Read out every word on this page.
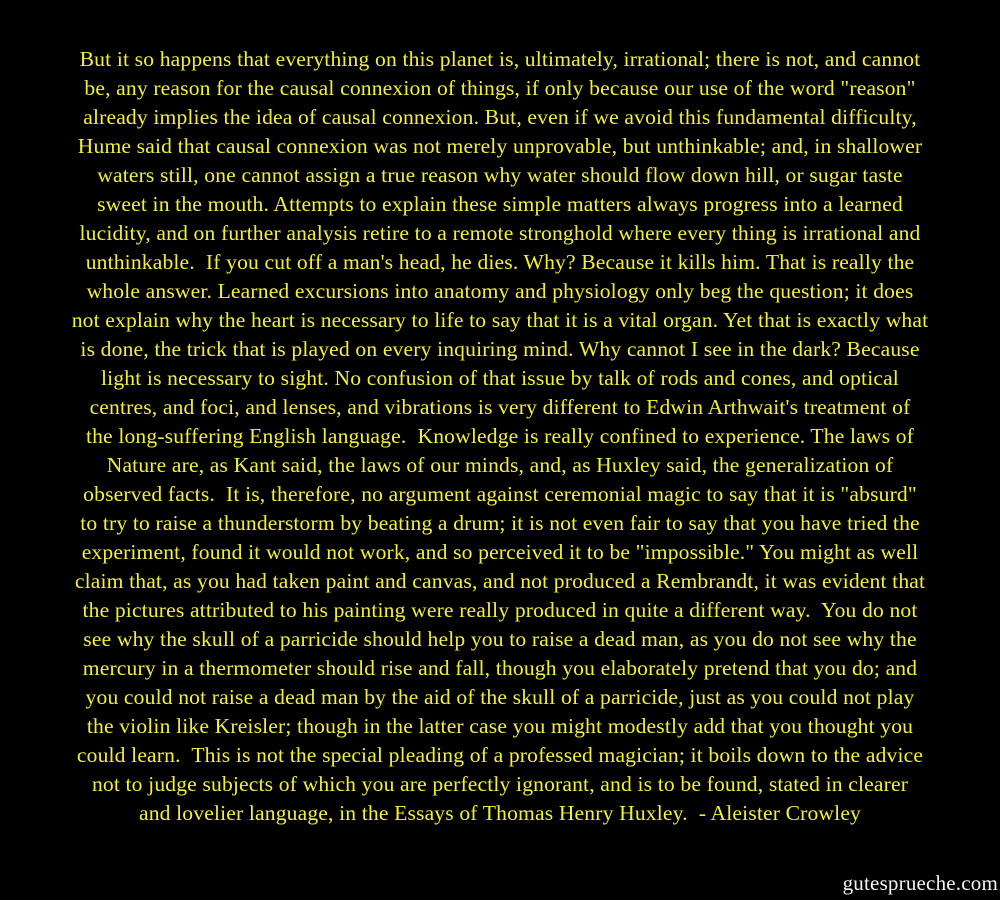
But it so happens that everything on this planet is, ultimately, irrational; there is not, and cannot
be, any reason for the causal connexion of things, if only because our use of the word "reason"
already implies the idea of causal connexion. But, even if we avoid this fundamental difficulty,
Hume said that causal connexion was not merely unprovable, but unthinkable; and, in shallower
waters still, one cannot assign a true reason why water should flow down hill, or sugar taste
sweet in the mouth. Attempts to explain these simple matters always progress into a learned
lucidity, and on further analysis retire to a remote stronghold where every thing is irrational and
unthinkable.  If you cut off a man's head, he dies. Why? Because it kills him. That is really the
whole answer. Learned excursions into anatomy and physiology only beg the question; it does
not explain why the heart is necessary to life to say that it is a vital organ. Yet that is exactly what
is done, the trick that is played on every inquiring mind. Why cannot I see in the dark? Because
light is necessary to sight. No confusion of that issue by talk of rods and cones, and optical
centres, and foci, and lenses, and vibrations is very different to Edwin Arthwait's treatment of
the long-suffering English language.  Knowledge is really confined to experience. The laws of
Nature are, as Kant said, the laws of our minds, and, as Huxley said, the generalization of
observed facts.  It is, therefore, no argument against ceremonial magic to say that it is "absurd"
to try to raise a thunderstorm by beating a drum; it is not even fair to say that you have tried the
experiment, found it would not work, and so perceived it to be "impossible." You might as well
claim that, as you had taken paint and canvas, and not produced a Rembrandt, it was evident that
the pictures attributed to his painting were really produced in quite a different way.  You do not
see why the skull of a parricide should help you to raise a dead man, as you do not see why the
mercury in a thermometer should rise and fall, though you elaborately pretend that you do; and
you could not raise a dead man by the aid of the skull of a parricide, just as you could not play
the violin like Kreisler; though in the latter case you might modestly add that you thought you
could learn.  This is not the special pleading of a professed magician; it boils down to the advice
not to judge subjects of which you are perfectly ignorant, and is to be found, stated in clearer
and lovelier language, in the Essays of Thomas Henry Huxley.  - Aleister Crowley
gutesprueche.com
